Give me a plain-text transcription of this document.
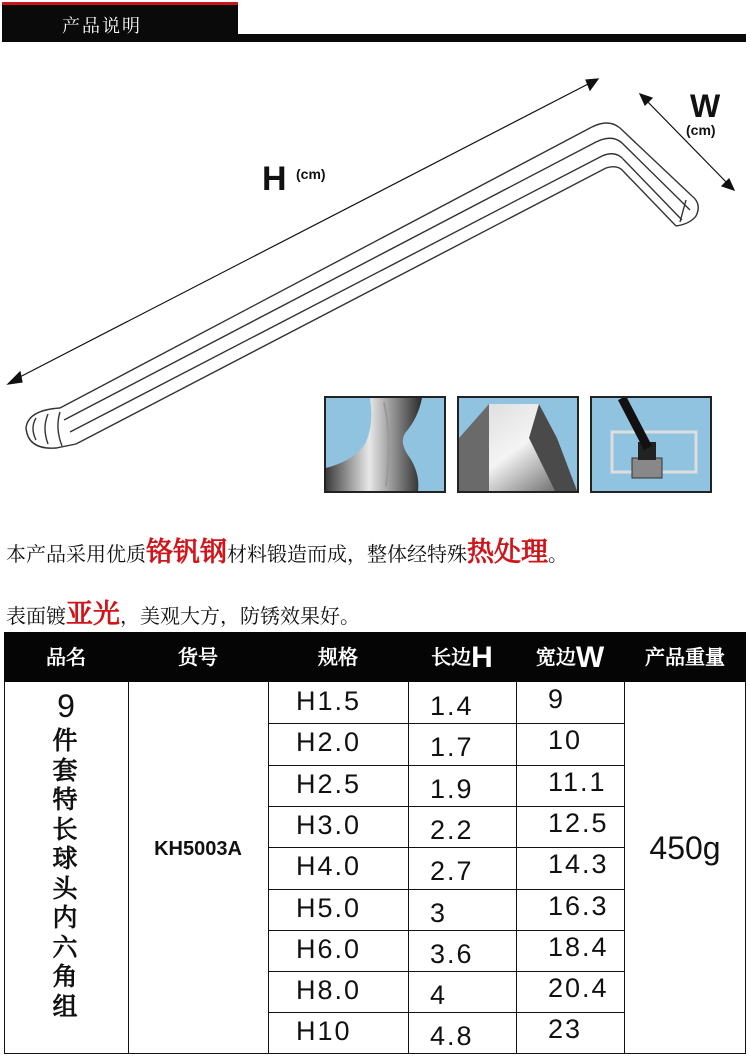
产品说明
H (cm)
W
(cm)
本产品采用优质铬钒钢材料锻造而成，整体经特殊热处理。
表面镀亚光，美观大方，防锈效果好。
品名	货号	规格	长边H	宽边W	产品重量
9
件套特长球头内六角组
KH5003A	450g
H1.5	1.4	9
H2.0	1.7	10
H2.5	1.9	11.1
H3.0	2.2	12.5
H4.0	2.7	14.3
H5.0	3	16.3
H6.0	3.6	18.4
H8.0	4	20.4
H10	4.8	23
